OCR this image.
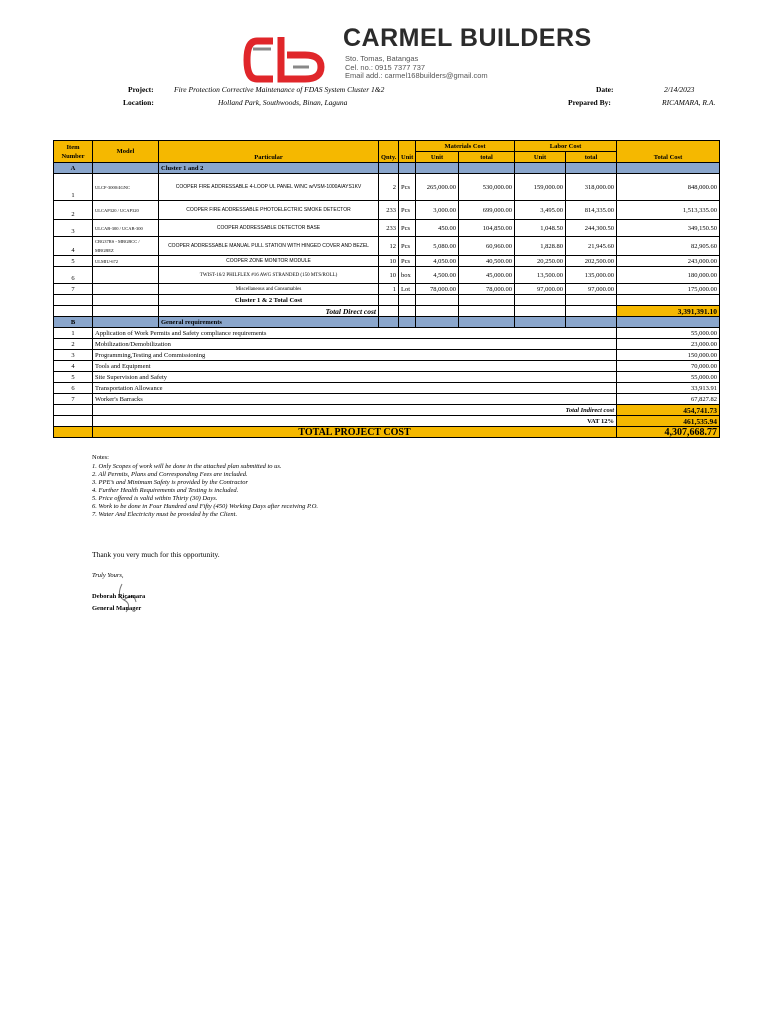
CARMEL BUILDERS
Sto. Tomas, Batangas
Cel. no.: 0915 7377 737
Email add.: carmel168builders@gmail.com
Project:	Fire Protection Corrective Maintenance of FDAS System Cluster 1&2
Location:	Holland Park, Southwoods, Binan, Laguna
Date:	2/14/2023
Prepared By:	RICAMARA, R.A.
Item
Number	Model	Particular	Qnty.	Unit	Materials Cost		Labor Cost		Total Cost
					Unit	total	Unit	total	
A		Cluster 1 and 2							
1	ULCF-3000/4GNC	COOPER FIRE ADDRESSABLE 4-LOOP UL PANEL W/NC w/VSM-1000A/AYS1KV	2	Pcs	265,000.00	530,000.00	159,000.00	318,000.00	848,000.00
2	ULCAP320 / UCAP320	COOPER FIRE ADDRESSABLE PHOTOELECTRIC SMOKE DETECTOR	233	Pcs	3,000.00	699,000.00	3,495.00	814,335.00	1,513,335.00
3	ULCAB-300 / UCAB-300	COOPER ADDRESSABLE DETECTOR BASE	233	Pcs	450.00	104,850.00	1,048.50	244,300.50	349,150.50
4	CBG37RS - MBGBCC / MBGBEZ	COOPER ADDRESSABLE MANUAL PULL STATION WITH HINGED COVER AND BEZEL	12	Pcs	5,080.00	60,960.00	1,828.80	21,945.60	82,905.60
5	ULMIU-672	COOPER ZONE MONITOR MODULE	10	Pcs	4,050.00	40,500.00	20,250.00	202,500.00	243,000.00
6		TWIST-16/2 PHILFLEX #16 AWG STRANDED (150 MTS/ROLL)	10	box	4,500.00	45,000.00	13,500.00	135,000.00	180,000.00
7		Miscellaneous and Consumables	1	Lot	78,000.00	78,000.00	97,000.00	97,000.00	175,000.00
		Cluster 1 & 2 Total Cost							
		Total Direct cost							3,391,391.10
B		General requirements							
1	Application of Work Permits and Safety compliance requirements								55,000.00
2	Mobilization/Demobilization								23,000.00
3	Programming,Testing and Commissioning								150,000.00
4	Tools and Equipment								70,000.00
5	Site Supervision and Safety								55,000.00
6	Transportation Allowance								33,913.91
7	Worker's Barracks								67,827.82
	Total Indirect cost								454,741.73
	VAT 12%								461,535.94
	TOTAL PROJECT COST								4,307,668.77
Notes:
1. Only Scopes of work will be done in the attached plan submitted to us.
2. All Permits, Plans and Corresponding Fees are included.
3. PPE’s and Minimum Safety is provided by the Contractor
4. Further Health Requirements and Testing is included.
5. Price offered is valid within Thirty (30) Days.
6. Work to be done in Four Hundred and Fifty (450) Working Days after receiving P.O.
7. Water And Electricity must be provided by the Client.
Thank you very much for this opportunity.
Truly Yours,
Deborah Ricamara
General Manager
